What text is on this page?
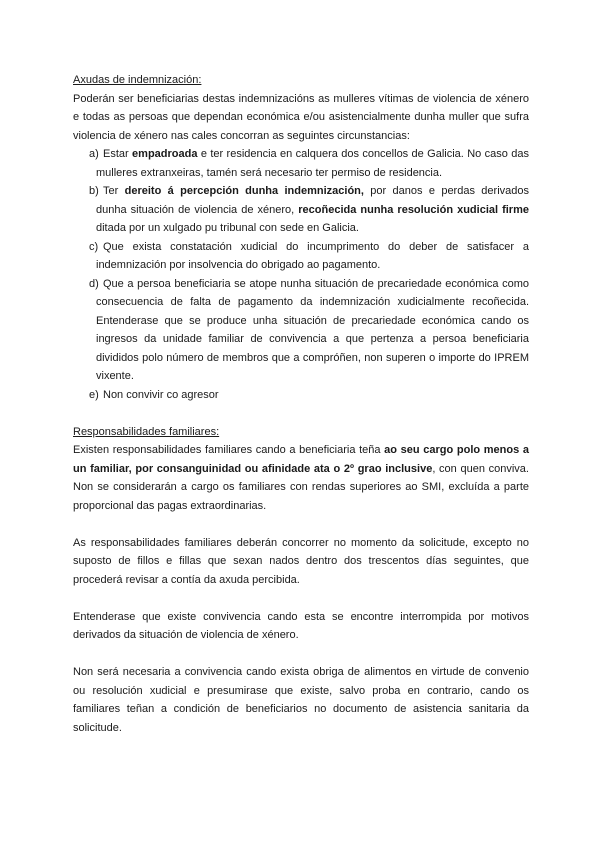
Axudas de indemnización:

Poderán ser beneficiarias destas indemnizacións as mulleres vítimas de violencia de xénero e todas as persoas que dependan económica e/ou asistencialmente dunha muller que sufra violencia de xénero nas cales concorran as seguintes circunstancias:

a) Estar empadroada e ter residencia en calquera dos concellos de Galicia. No caso das mulleres extranxeiras, tamén será necesario ter permiso de residencia.
b) Ter dereito á percepción dunha indemnización, por danos e perdas derivados dunha situación de violencia de xénero, recoñecida nunha resolución xudicial firme ditada por un xulgado pu tribunal con sede en Galicia.
c) Que exista constatación xudicial do incumprimento do deber de satisfacer a indemnización por insolvencia do obrigado ao pagamento.
d) Que a persoa beneficiaria se atope nunha situación de precariedade económica como consecuencia de falta de pagamento da indemnización xudicialmente recoñecida. Entenderase que se produce unha situación de precariedade económica cando os ingresos da unidade familiar de convivencia a que pertenza a persoa beneficiaria divididos polo número de membros que a compróñen, non superen o importe do IPREM vixente.
e) Non convivir co agresor
Responsabilidades familiares:

Existen responsabilidades familiares cando a beneficiaria teña ao seu cargo polo menos a un familiar, por consanguinidad ou afinidade ata o 2º grao inclusive, con quen conviva. Non se considerarán a cargo os familiares con rendas superiores ao SMI, excluída a parte proporcional das pagas extraordinarias.

As responsabilidades familiares deberán concorrer no momento da solicitude, excepto no suposto de fillos e fillas que sexan nados dentro dos trescentos días seguintes, que procederá revisar a contía da axuda percibida.

Entenderase que existe convivencia cando esta se encontre interrompida por motivos derivados da situación de violencia de xénero.

Non será necesaria a convivencia cando exista obriga de alimentos en virtude de convenio ou resolución xudicial e presumirase que existe, salvo proba en contrario, cando os familiares teñan a condición de beneficiarios no documento de asistencia sanitaria da solicitude.
